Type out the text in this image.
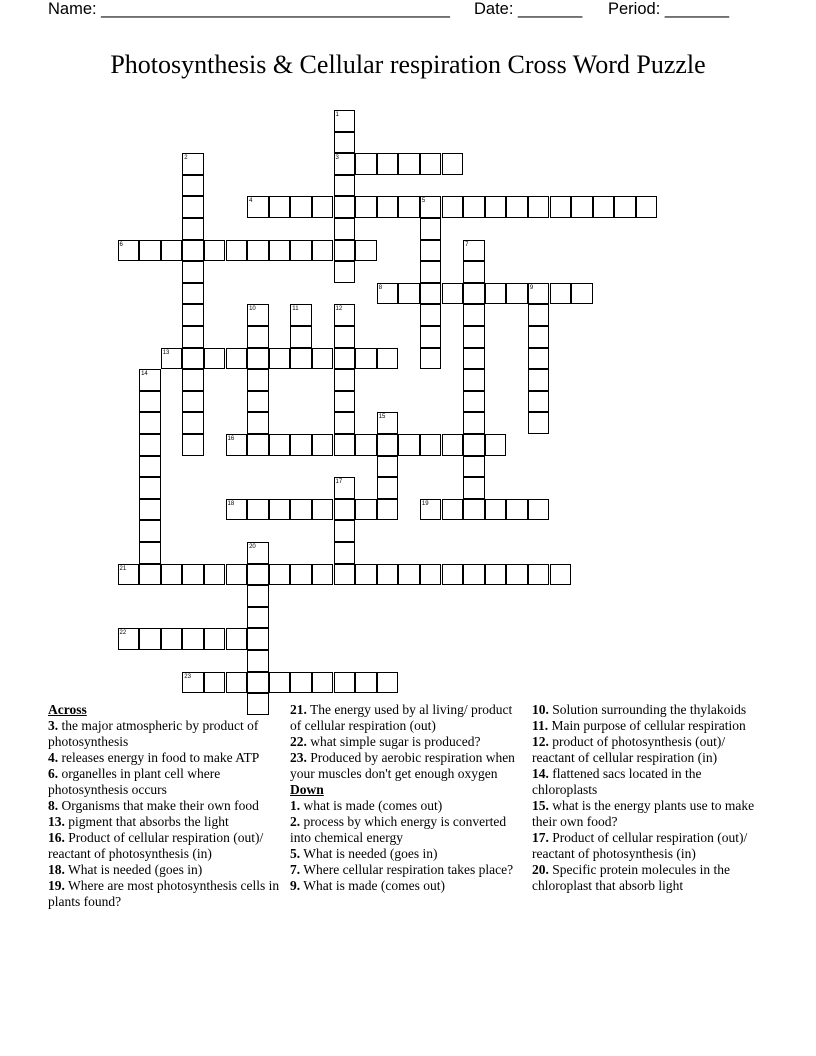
Name: ______________________________________ Date: _______ Period: _______
Photosynthesis & Cellular respiration Cross Word Puzzle
1
2	3
4	5
6	7
8	9
10	11	12
13
14
15
16
17
18	19
20
21
22
23
Across
3. the major atmospheric by product of photosynthesis
4. releases energy in food to make ATP
6. organelles in plant cell where photosynthesis occurs
8. Organisms that make their own food
13. pigment that absorbs the light
16. Product of cellular respiration (out)/ reactant of photosynthesis (in)
18. What is needed (goes in)
19. Where are most photosynthesis cells in plants found?
21. The energy used by al living/ product of cellular respiration (out)
22. what simple sugar is produced?
23. Produced by aerobic respiration when your muscles don't get enough oxygen
Down
1. what is made (comes out)
2. process by which energy is converted into chemical energy
5. What is needed (goes in)
7. Where cellular respiration takes place?
9. What is made (comes out)
10. Solution surrounding the thylakoids
11. Main purpose of cellular respiration
12. product of photosynthesis (out)/ reactant of cellular respiration (in)
14. flattened sacs located in the chloroplasts
15. what is the energy plants use to make their own food?
17. Product of cellular respiration (out)/ reactant of photosynthesis (in)
20. Specific protein molecules in the chloroplast that absorb light
